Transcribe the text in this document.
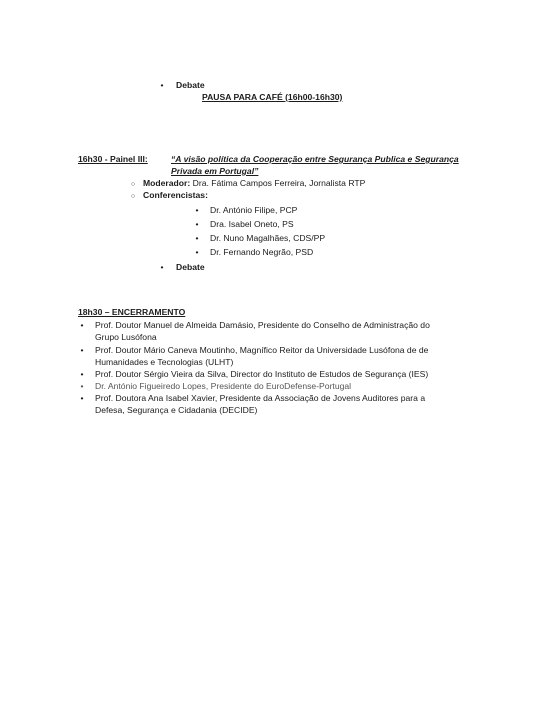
•
Debate
PAUSA PARA CAFÉ (16h00-16h30)
16h30 - Painel III:	“A visão política da Cooperação entre Segurança Publica e Segurança
Privada em Portugal”
○
Moderador: Dra. Fátima Campos Ferreira, Jornalista RTP
○
Conferencistas:
•
Dr. António Filipe, PCP
•
Dra. Isabel Oneto, PS
•
Dr. Nuno Magalhães, CDS/PP
•
Dr. Fernando Negrão, PSD
•
Debate
18h30 – ENCERRAMENTO
•
Prof. Doutor Manuel de Almeida Damásio, Presidente do Conselho de Administração do
Grupo Lusófona
•
Prof. Doutor Mário Caneva Moutinho, Magnífico Reitor da Universidade Lusófona de de
Humanidades e Tecnologias (ULHT)
•
Prof. Doutor Sérgio Vieira da Silva, Director do Instituto de Estudos de Segurança (IES)
•
Dr. António Figueiredo Lopes, Presidente do EuroDefense-Portugal
•
Prof. Doutora Ana Isabel Xavier, Presidente da Associação de Jovens Auditores para a
Defesa, Segurança e Cidadania (DECIDE)
